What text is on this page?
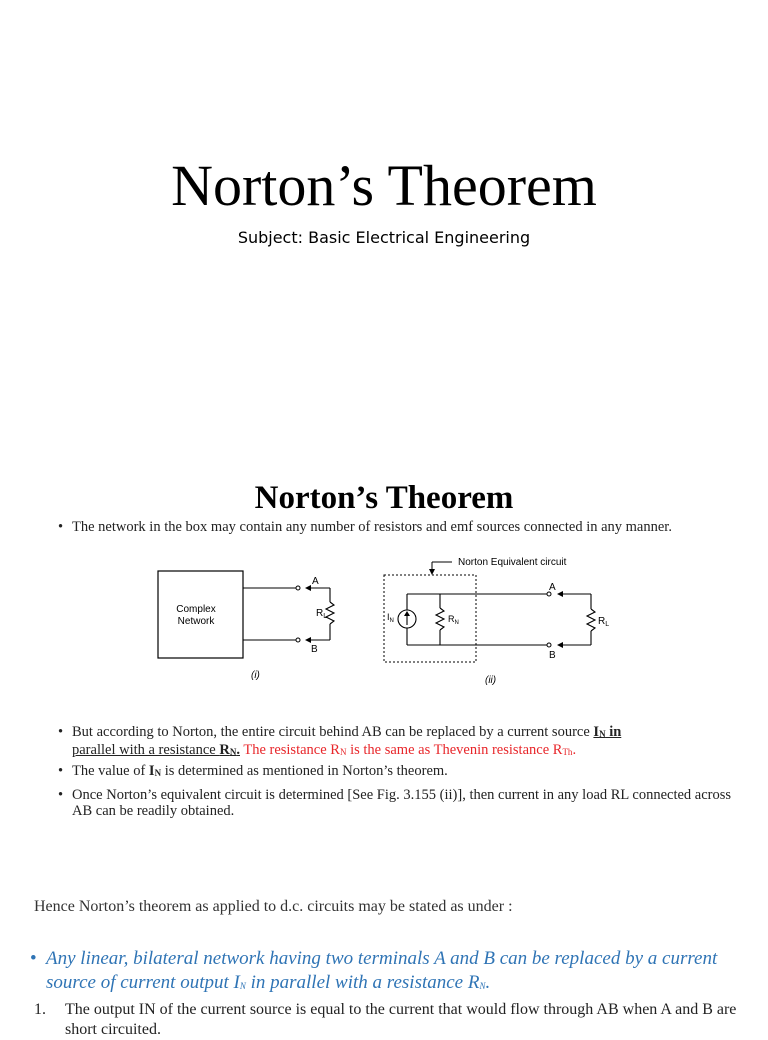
Norton’s Theorem
Subject: Basic Electrical Engineering
Norton’s Theorem
• The network in the box may contain any number of resistors and emf sources connected in any manner.
Complex
Network
A
B
$R_L$
(i)
Norton Equivalent circuit
$I_N$	$R_N$
A
B
$R_L$
(ii)
• But according to Norton, the entire circuit behind AB can be replaced by a current source $I_N$ in
parallel with a resistance $R_N$. The resistance $R_N$ is the same as Thevenin resistance $R_{Th}$.
• The value of $I_N$ is determined as mentioned in Norton’s theorem.
• Once Norton’s equivalent circuit is determined [See Fig. 3.155 (ii)], then current in any load RL connected across AB can be readily obtained.
Hence Norton’s theorem as applied to d.c. circuits may be stated as under :
• Any linear, bilateral network having two terminals A and B can be replaced by a current source of current output $I_N$ in parallel with a resistance $R_N$.
1. The output IN of the current source is equal to the current that would flow through AB when A and B are short circuited.
